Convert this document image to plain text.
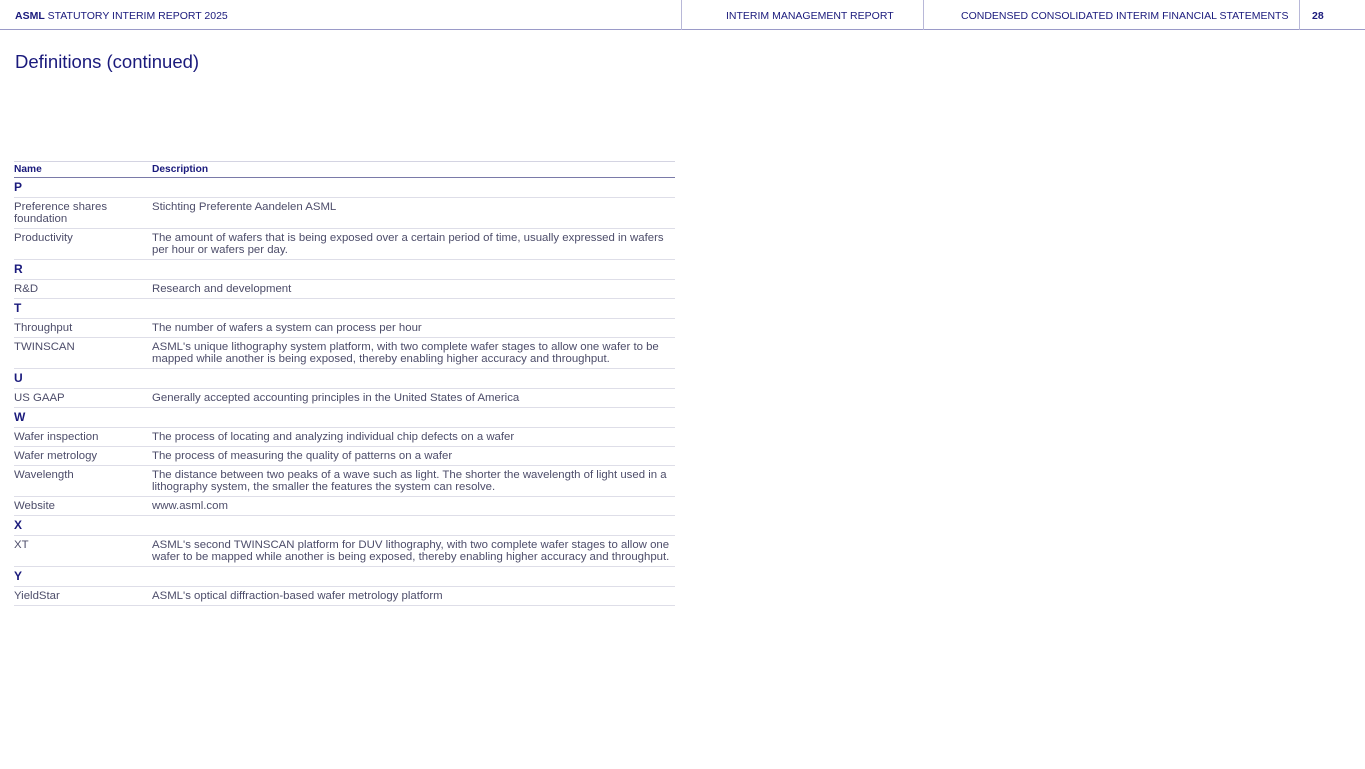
ASML STATUTORY INTERIM REPORT 2025	INTERIM MANAGEMENT REPORT	CONDENSED CONSOLIDATED INTERIM FINANCIAL STATEMENTS 28
Definitions (continued)
Name	Description
P	
Preference shares foundation	Stichting Preferente Aandelen ASML
Productivity	The amount of wafers that is being exposed over a certain period of time, usually expressed in wafers per hour or wafers per day.
R	
R&D	Research and development
T	
Throughput	The number of wafers a system can process per hour
TWINSCAN	ASML's unique lithography system platform, with two complete wafer stages to allow one wafer to be mapped while another is being exposed, thereby enabling higher accuracy and throughput.
U	
US GAAP	Generally accepted accounting principles in the United States of America
W	
Wafer inspection	The process of locating and analyzing individual chip defects on a wafer
Wafer metrology	The process of measuring the quality of patterns on a wafer
Wavelength	The distance between two peaks of a wave such as light. The shorter the wavelength of light used in a lithography system, the smaller the features the system can resolve.
Website	www.asml.com
X	
XT	ASML's second TWINSCAN platform for DUV lithography, with two complete wafer stages to allow one wafer to be mapped while another is being exposed, thereby enabling higher accuracy and throughput.
Y	
YieldStar	ASML's optical diffraction-based wafer metrology platform
